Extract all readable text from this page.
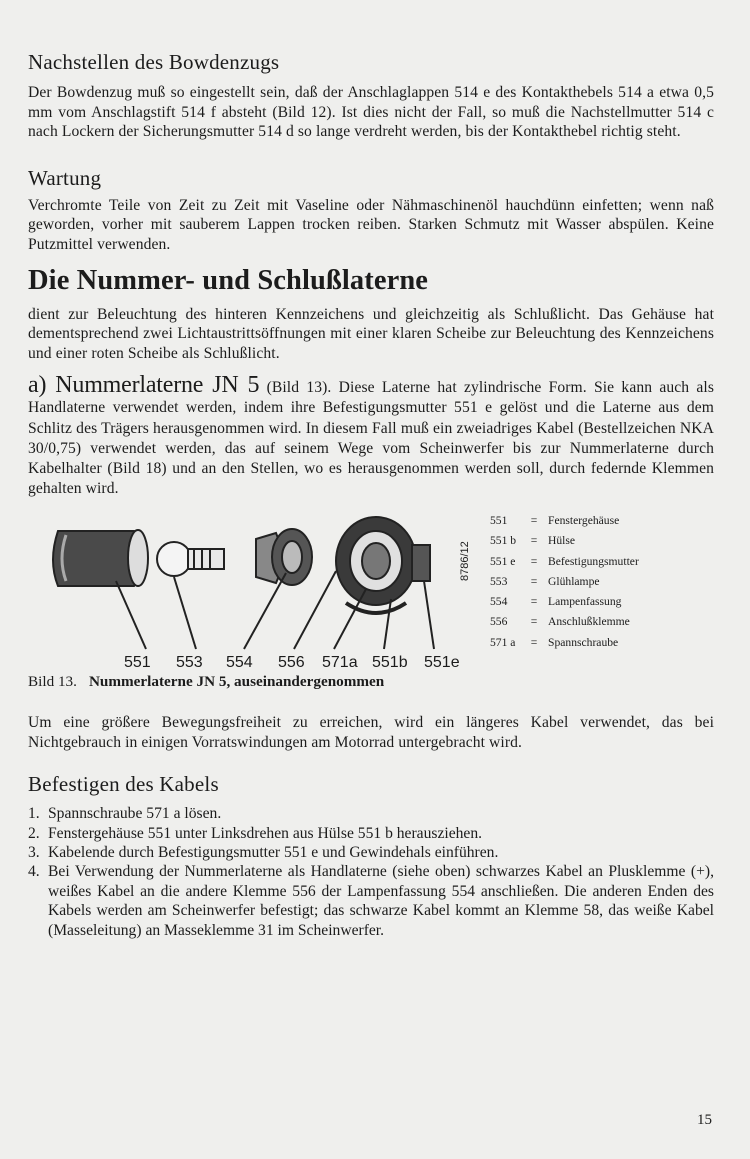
Nachstellen des Bowdenzugs

Der Bowdenzug muß so eingestellt sein, daß der Anschlaglappen 514 e des Kontakthebels 514 a etwa 0,5 mm vom Anschlagstift 514 f absteht (Bild 12). Ist dies nicht der Fall, so muß die Nachstellmutter 514 c nach Lockern der Sicherungsmutter 514 d so lange verdreht werden, bis der Kontakthebel richtig steht.

Wartung

Verchromte Teile von Zeit zu Zeit mit Vaseline oder Nähmaschinenöl hauchdünn einfetten; wenn naß geworden, vorher mit sauberem Lappen trocken reiben. Starken Schmutz mit Wasser abspülen. Keine Putzmittel verwenden.

Die Nummer- und Schlußlaterne

dient zur Beleuchtung des hinteren Kennzeichens und gleichzeitig als Schlußlicht. Das Gehäuse hat dementsprechend zwei Lichtaustrittsöffnungen mit einer klaren Scheibe zur Beleuchtung des Kennzeichens und einer roten Scheibe als Schlußlicht.

a) Nummerlaterne JN 5 (Bild 13). Diese Laterne hat zylindrische Form. Sie kann auch als Handlaterne verwendet werden, indem ihre Befestigungsmutter 551 e gelöst und die Laterne aus dem Schlitz des Trägers herausgenommen wird. In diesem Fall muß ein zweiadriges Kabel (Bestellzeichen NKA 30/0,75) verwendet werden, das auf seinem Wege vom Scheinwerfer bis zur Nummerlaterne durch Kabelhalter (Bild 18) und an den Stellen, wo es herausgenommen werden soll, durch federnde Klemmen gehalten wird.

551 553 554 556 571a 551b 551e
8786/12
551	= Fenstergehäuse
551 b	= Hülse
551 e	= Befestigungsmutter
553	= Glühlampe
554	= Lampenfassung
556	= Anschlußklemme
571 a	= Spannschraube
Bild 13. Nummerlaterne JN 5, auseinandergenommen

Um eine größere Bewegungsfreiheit zu erreichen, wird ein längeres Kabel verwendet, das bei Nichtgebrauch in einigen Vorratswindungen am Motorrad untergebracht wird.

Befestigen des Kabels
1. Spannschraube 571 a lösen.
2. Fenstergehäuse 551 unter Linksdrehen aus Hülse 551 b herausziehen.
3. Kabelende durch Befestigungsmutter 551 e und Gewindehals einführen.
4. Bei Verwendung der Nummerlaterne als Handlaterne (siehe oben) schwarzes Kabel an Plusklemme (+), weißes Kabel an die andere Klemme 556 der Lampenfassung 554 anschließen. Die anderen Enden des Kabels werden am Scheinwerfer befestigt; das schwarze Kabel kommt an Klemme 58, das weiße Kabel (Masseleitung) an Masseklemme 31 im Scheinwerfer.
15
